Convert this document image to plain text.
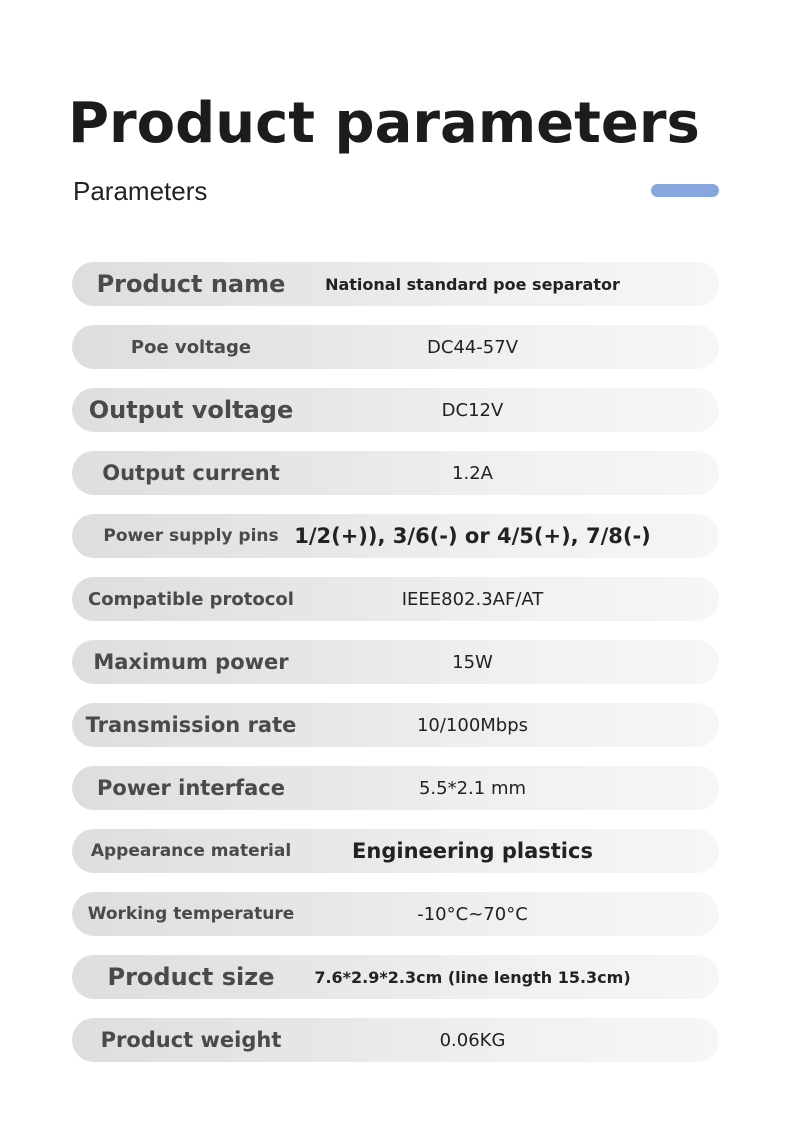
Product parameters
Parameters
Product name	National standard poe separator
Poe voltage	DC44-57V
Output voltage	DC12V
Output current	1.2A
Power supply pins 1/2(+)), 3/6(-) or 4/5(+), 7/8(-)
Compatible protocol	IEEE802.3AF/AT
Maximum power	15W
Transmission rate	10/100Mbps
Power interface	5.5*2.1 mm
Appearance material	Engineering plastics
Working temperature	-10°C~70°C
Product size	7.6*2.9*2.3cm (line length 15.3cm)
Product weight	0.06KG
